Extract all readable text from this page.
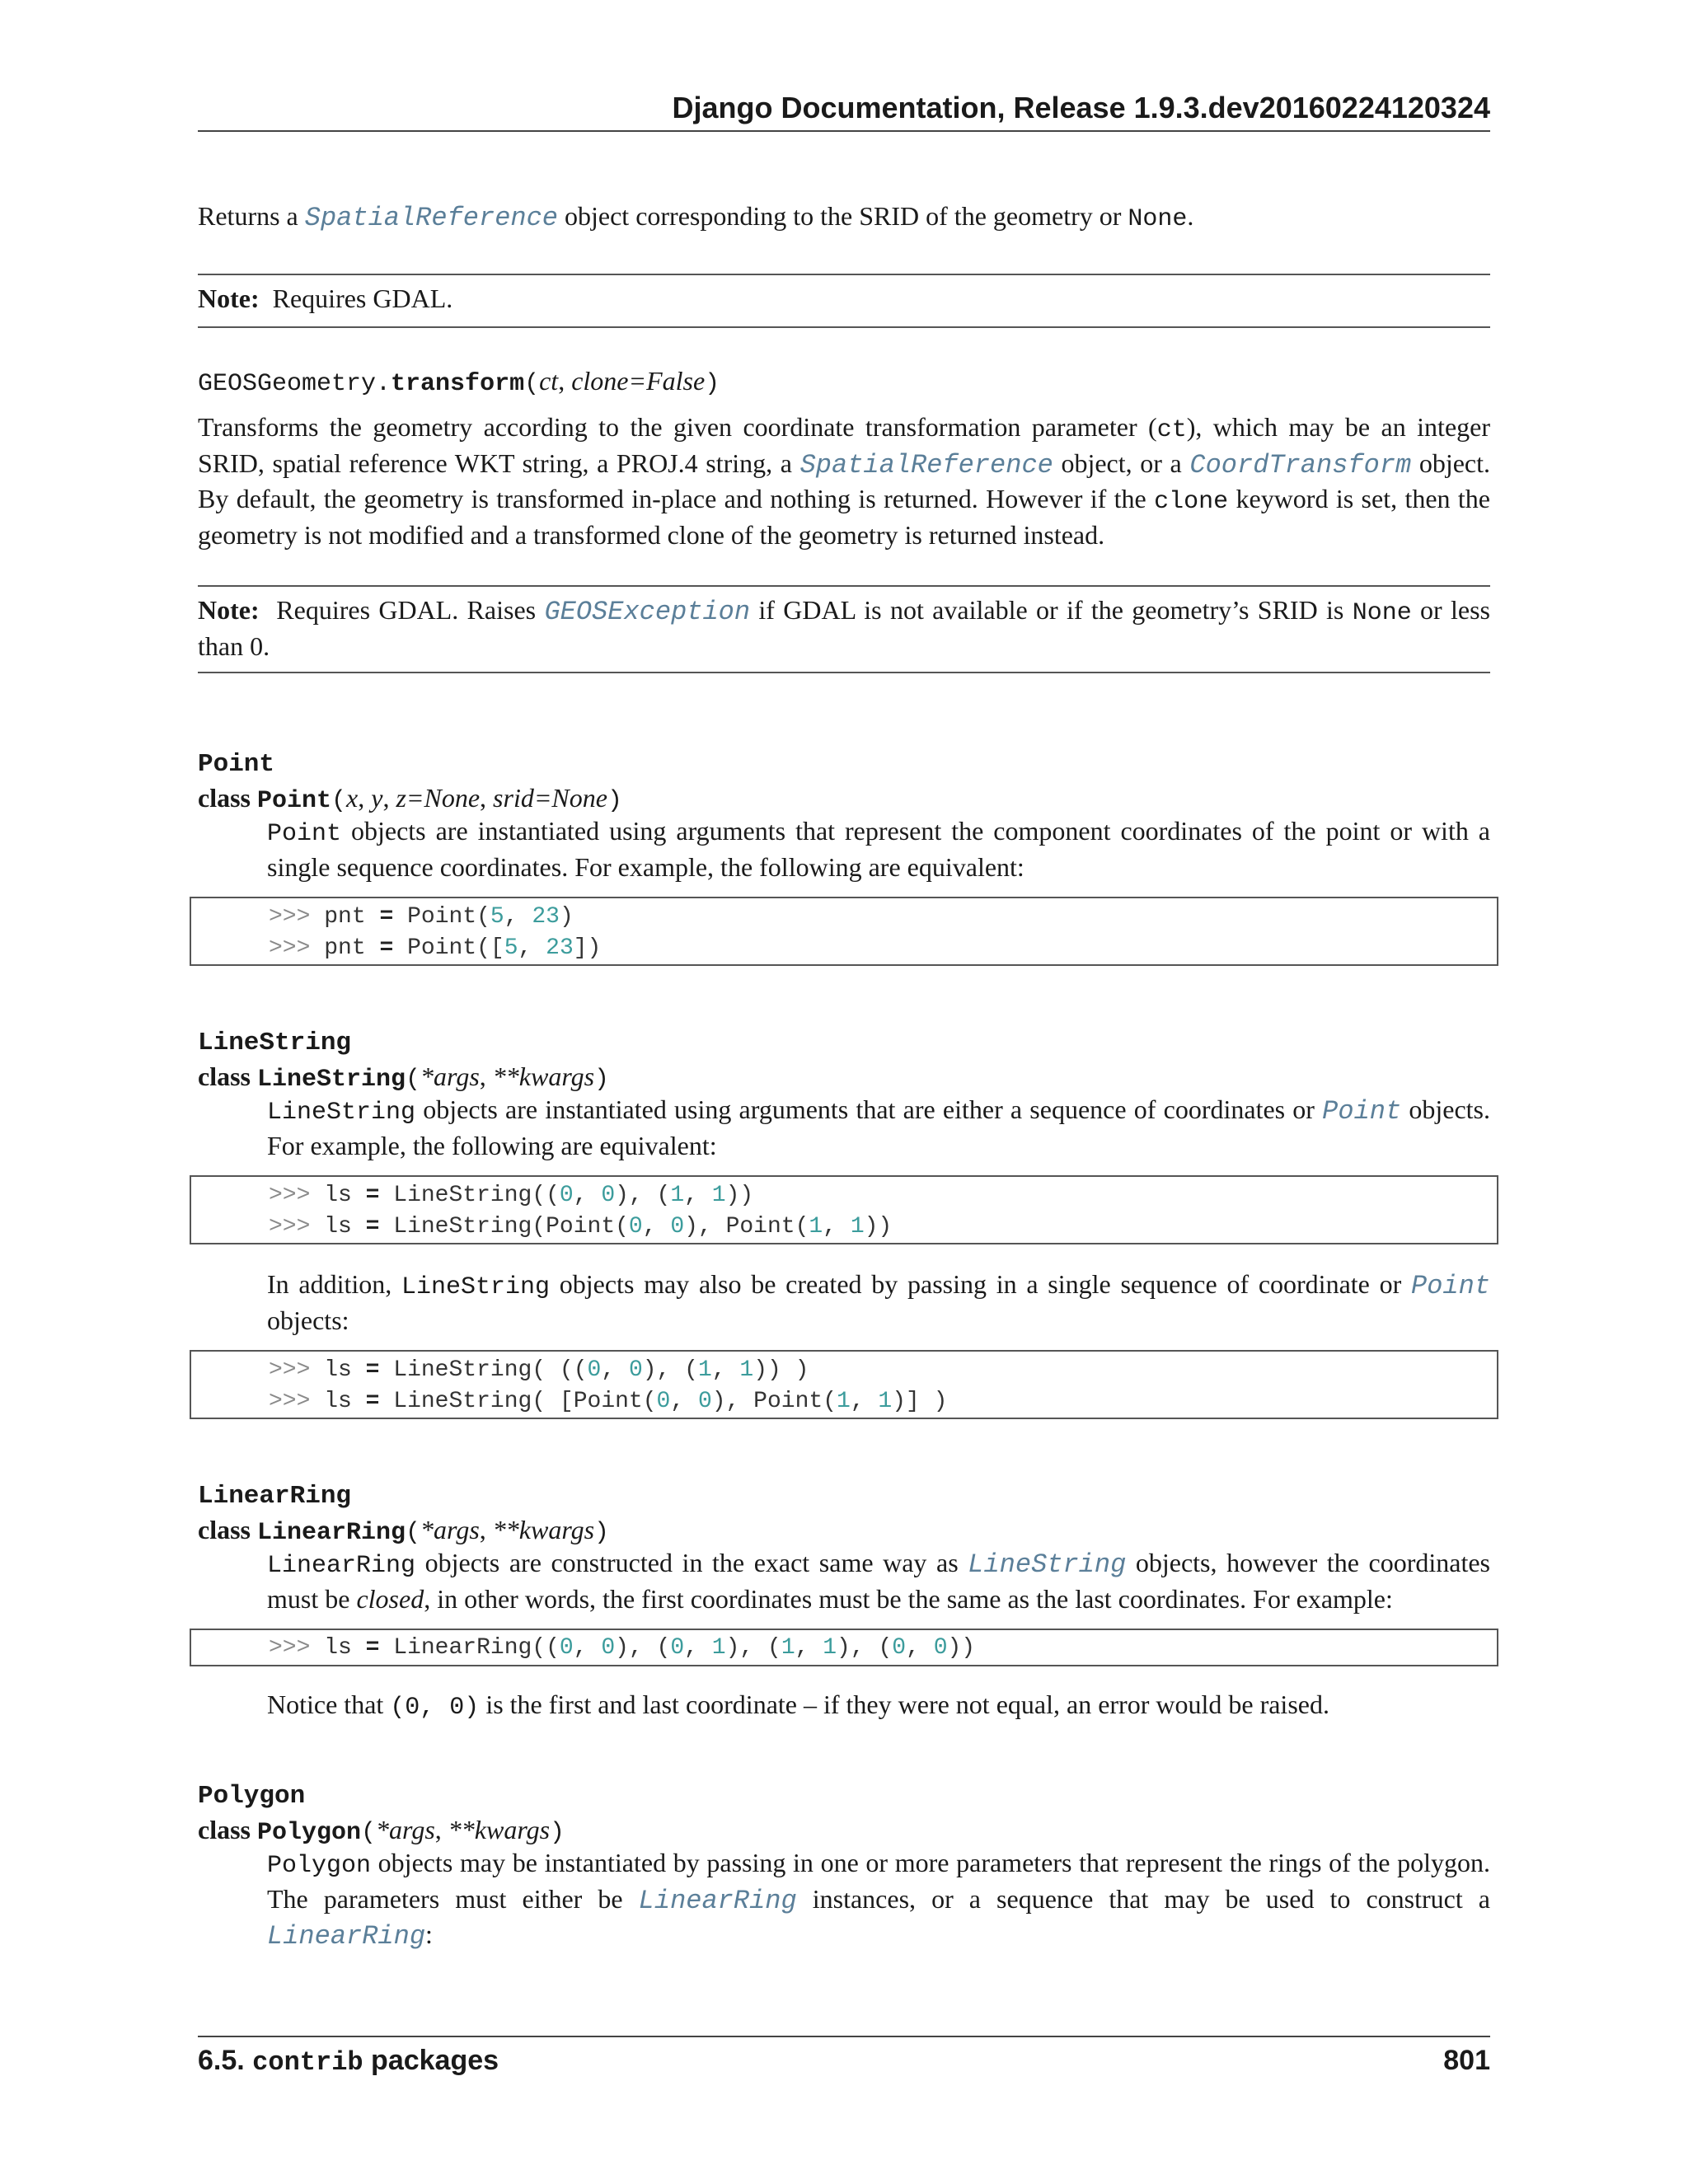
Django Documentation, Release 1.9.3.dev20160224120324
Returns a SpatialReference object corresponding to the SRID of the geometry or None.
Note: Requires GDAL.
GEOSGeometry.transform(ct, clone=False)
Transforms the geometry according to the given coordinate transformation parameter (ct), which may be an integer SRID, spatial reference WKT string, a PROJ.4 string, a SpatialReference object, or a CoordTransform object. By default, the geometry is transformed in-place and nothing is returned. However if the clone keyword is set, then the geometry is not modified and a transformed clone of the geometry is returned instead.
Note: Requires GDAL. Raises GEOSException if GDAL is not available or if the geometry’s SRID is None or less than 0.
Point
class Point(x, y, z=None, srid=None)
Point objects are instantiated using arguments that represent the component coordinates of the point or with a single sequence coordinates. For example, the following are equivalent:
>>> pnt = Point(5, 23)
>>> pnt = Point([5, 23])
LineString
class LineString(*args, **kwargs)
LineString objects are instantiated using arguments that are either a sequence of coordinates or Point objects. For example, the following are equivalent:
>>> ls = LineString((0, 0), (1, 1))
>>> ls = LineString(Point(0, 0), Point(1, 1))
In addition, LineString objects may also be created by passing in a single sequence of coordinate or Point objects:
>>> ls = LineString( ((0, 0), (1, 1)) )
>>> ls = LineString( [Point(0, 0), Point(1, 1)] )
LinearRing
class LinearRing(*args, **kwargs)
LinearRing objects are constructed in the exact same way as LineString objects, however the coordinates must be closed, in other words, the first coordinates must be the same as the last coordinates. For example:
>>> ls = LinearRing((0, 0), (0, 1), (1, 1), (0, 0))
Notice that (0, 0) is the first and last coordinate – if they were not equal, an error would be raised.
Polygon
class Polygon(*args, **kwargs)
Polygon objects may be instantiated by passing in one or more parameters that represent the rings of the polygon. The parameters must either be LinearRing instances, or a sequence that may be used to construct a LinearRing:
6.5. contrib packages	801
